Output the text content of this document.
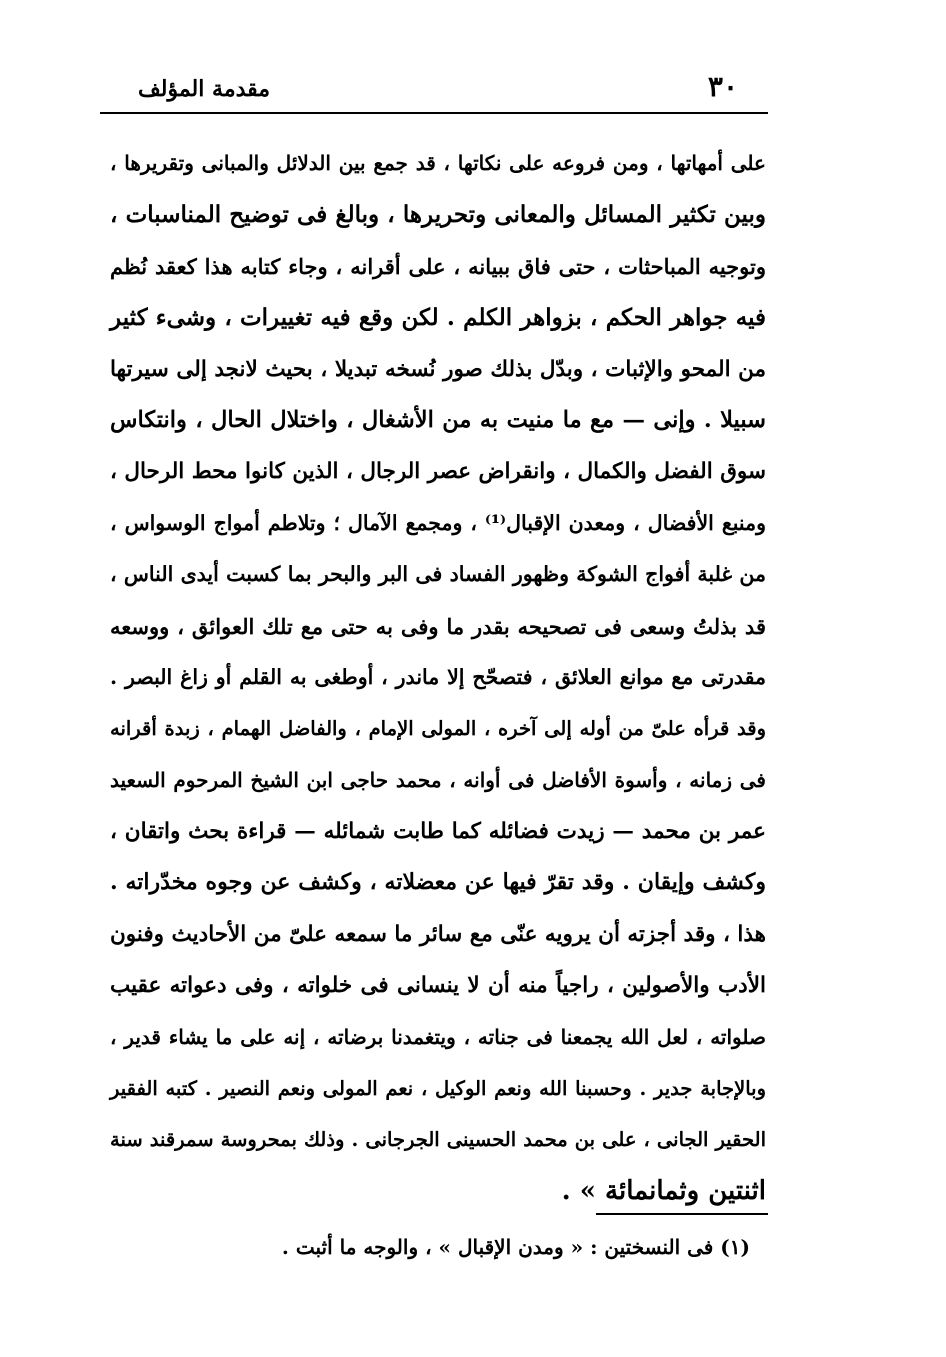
٣٠
مقدمة المؤلف
على أمهاتها ، ومن فروعه على نكاتها ، قد جمع بين الدلائل والمبانى وتقريرها ،
وبين تكثير المسائل والمعانى وتحريرها ، وبالغ فى توضيح المناسبات ،
وتوجيه المباحثات ، حتى فاق ببيانه ، على أقرانه ، وجاء كتابه هذا كعقد نُظم
فيه جواهر الحكم ، بزواهر الكلم . لكن وقع فيه تغييرات ، وشىء كثير
من المحو والإثبات ، وبدّل بذلك صور نُسخه تبديلا ، بحيث لانجد إلى سيرتها
سبيلا . وإنى — مع ما منيت به من الأشغال ، واختلال الحال ، وانتكاس
سوق الفضل والكمال ، وانقراض عصر الرجال ، الذين كانوا محط الرحال ،
ومنبع الأفضال ، ومعدن الإقبال⁽¹⁾ ، ومجمع الآمال ؛ وتلاطم أمواج الوسواس ،
من غلبة أفواج الشوكة وظهور الفساد فى البر والبحر بما كسبت أيدى الناس ،
قد بذلتُ وسعى فى تصحيحه بقدر ما وفى به حتى مع تلك العوائق ، ووسعه
مقدرتى مع موانع العلائق ، فتصحّح إلا ماندر ، أوطغى به القلم أو زاغ البصر .
وقد قرأه علىّ من أوله إلى آخره ، المولى الإمام ، والفاضل الهمام ، زبدة أقرانه
فى زمانه ، وأسوة الأفاضل فى أوانه ، محمد حاجى ابن الشيخ المرحوم السعيد
عمر بن محمد — زيدت فضائله كما طابت شمائله — قراءة بحث واتقان ،
وكشف وإيقان . وقد تقرّ فيها عن معضلاته ، وكشف عن وجوه مخدّراته .
هذا ، وقد أجزته أن يرويه عنّى مع سائر ما سمعه علىّ من الأحاديث وفنون
الأدب والأصولين ، راجياً منه أن لا ينسانى فى خلواته ، وفى دعواته عقيب
صلواته ، لعل الله يجمعنا فى جناته ، ويتغمدنا برضاته ، إنه على ما يشاء قدير ،
وبالإجابة جدير . وحسبنا الله ونعم الوكيل ، نعم المولى ونعم النصير . كتبه الفقير
الحقير الجانى ، على بن محمد الحسينى الجرجانى . وذلك بمحروسة سمرقند سنة
اثنتين وثمانمائة » .
(١) فى النسختين : « ومدن الإقبال » ، والوجه ما أثبت .
